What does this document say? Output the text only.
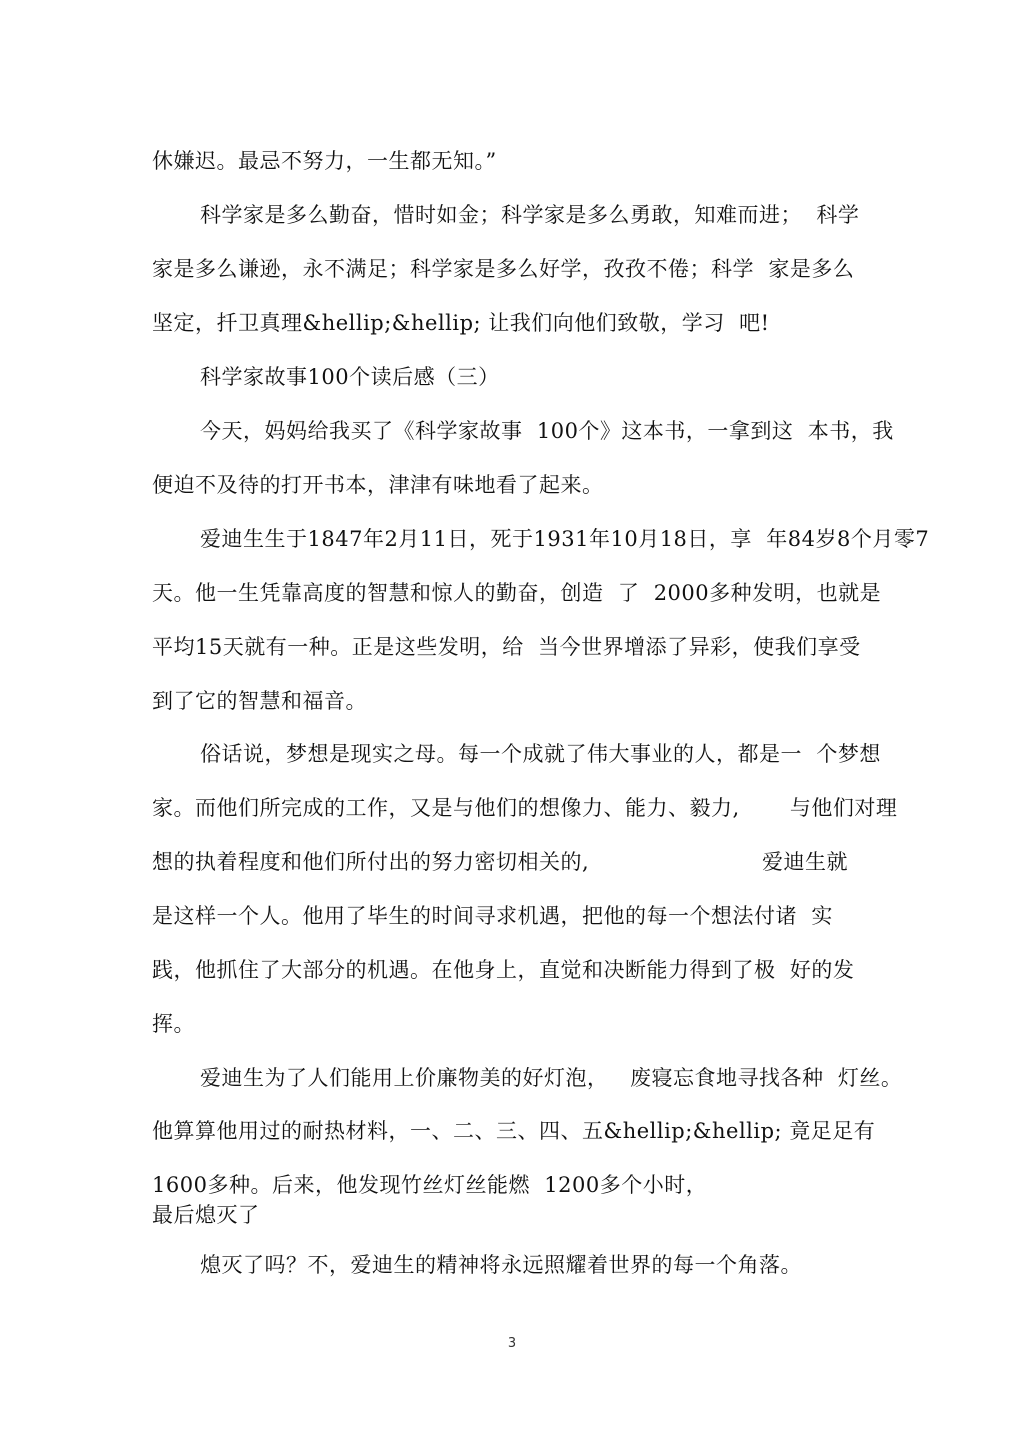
休嫌迟。最忌不努力，一生都无知。”
科学家是多么勤奋，惜时如金；科学家是多么勇敢，知难而进；  科学
家是多么谦逊，永不满足；科学家是多么好学，孜孜不倦；科学  家是多么
坚定，扦卫真理&hellip;&hellip; 让我们向他们致敬，学习  吧!
科学家故事100个读后感（三）
今天，妈妈给我买了《科学家故事  100个》这本书，一拿到这  本书，我
便迫不及待的打开书本，津津有味地看了起来。
爱迪生生于1847年2月11日，死于1931年10月18日，享  年84岁8个月零7
天。他一生凭靠高度的智慧和惊人的勤奋，创造  了  2000多种发明，也就是
平均15天就有一种。正是这些发明，给  当今世界增添了异彩，使我们享受
到了它的智慧和福音。
俗话说，梦想是现实之母。每一个成就了伟大事业的人，都是一  个梦想
家。而他们所完成的工作，又是与他们的想像力、能力、毅力,       与他们对理
想的执着程度和他们所付出的努力密切相关的,	爱迪生就
是这样一个人。他用了毕生的时间寻求机遇，把他的每一个想法付诸  实
践，他抓住了大部分的机遇。在他身上，直觉和决断能力得到了极  好的发
挥。
爱迪生为了人们能用上价廉物美的好灯泡，   废寝忘食地寻找各种  灯丝。
他算算他用过的耐热材料，一、二、三、四、五&hellip;&hellip; 竟足足有
1600多种。后来，他发现竹丝灯丝能燃  1200多个小时，
最后熄灭了
熄灭了吗？不，爱迪生的精神将永远照耀着世界的每一个角落。
3
